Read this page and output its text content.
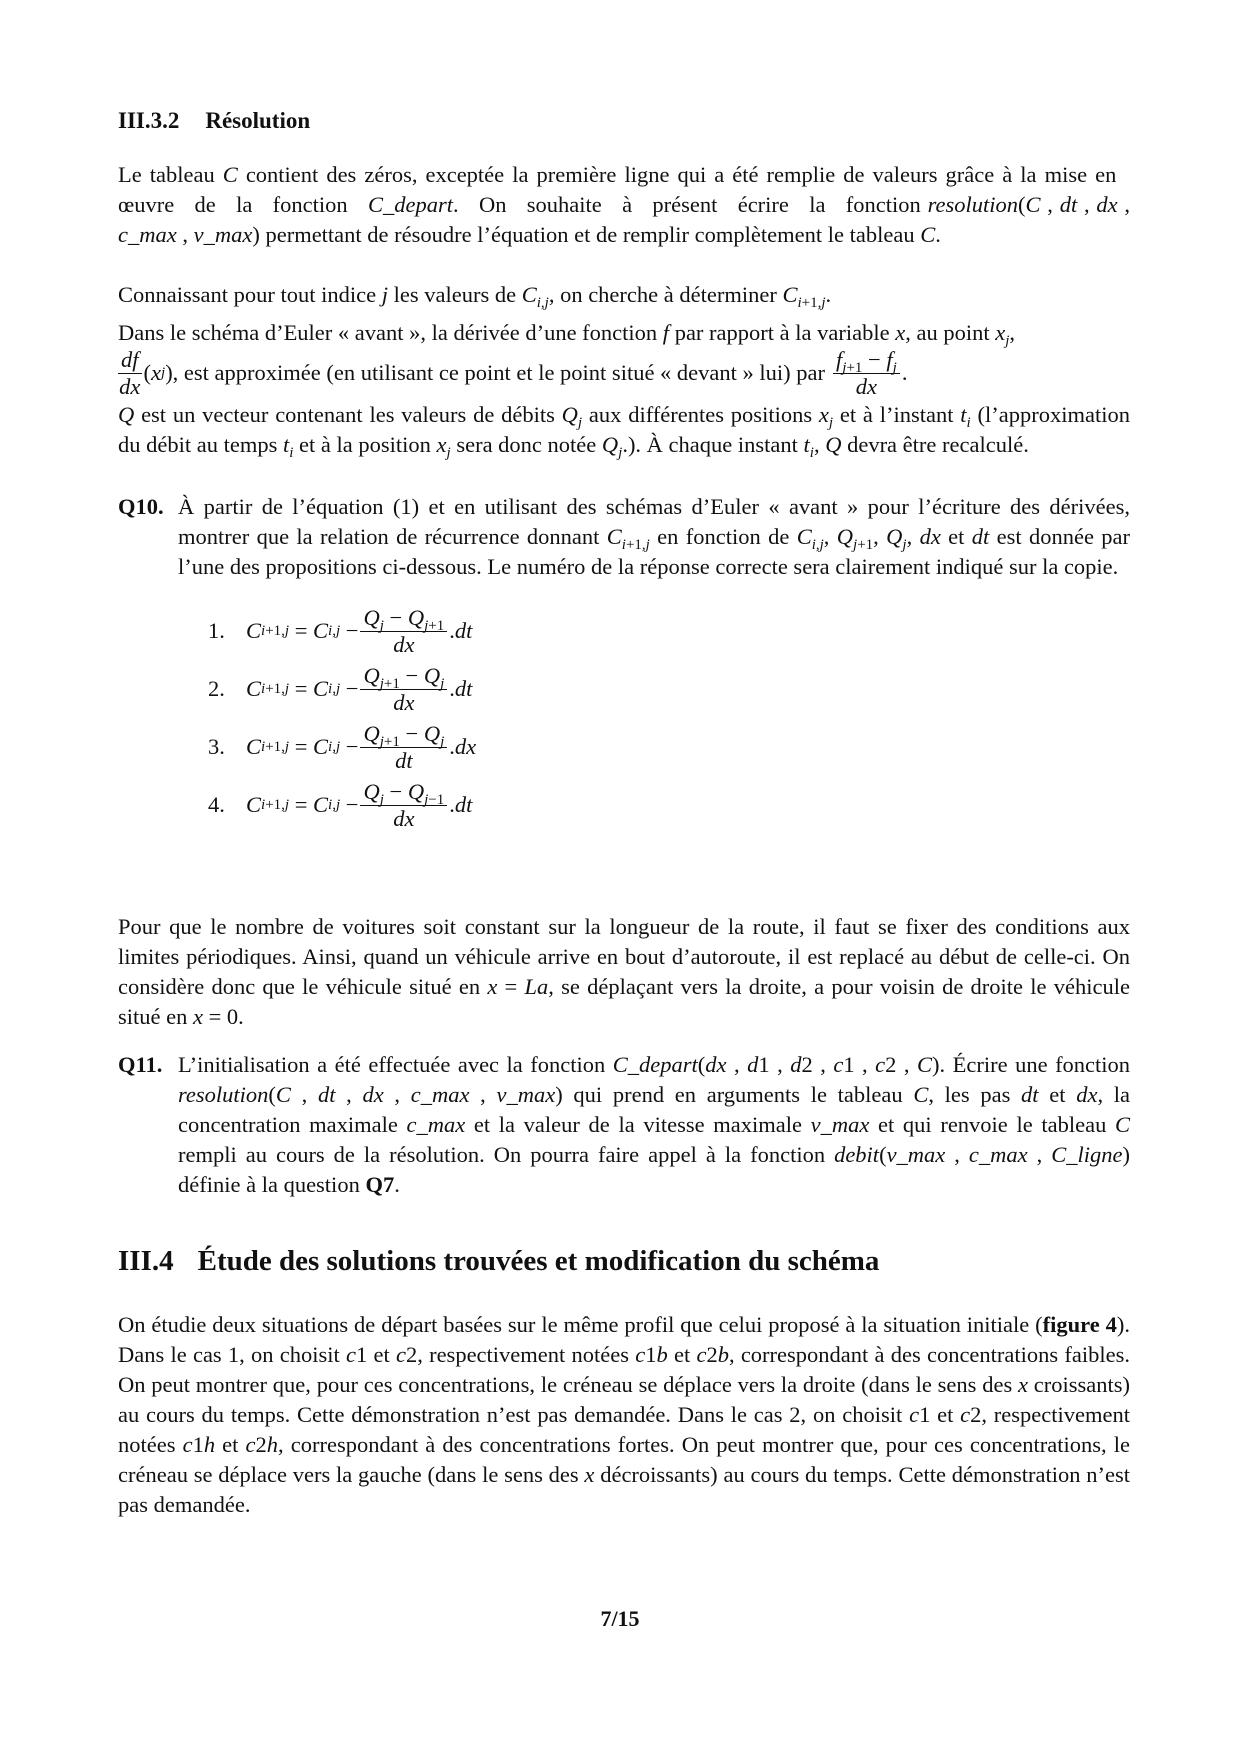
III.3.2 Résolution

Le tableau C contient des zéros, exceptée la première ligne qui a été remplie de valeurs grâce à la mise en   œuvre   de   la   fonction   C_depart.   On   souhaite   à   présent   écrire   la   fonction resolution(C , dt , dx , c_max , v_max) permettant de résoudre l’équation et de remplir complètement le tableau C.

Connaissant pour tout indice j les valeurs de $C_{i,j}$, on cherche à déterminer $C_{i+1,j}$.

Dans le schéma d’Euler « avant », la dérivée d’une fonction f par rapport à la variable x, au point $x_j$,

$\frac{df}{dx}$ ( x j ), est approximée (en utilisant ce point et le point situé « devant » lui) par $\frac{f_{j+1} - f_j}{dx}$ .

Q est un vecteur contenant les valeurs de débits $Q_j$ aux différentes positions $x_j$ et à l’instant $t_i$ (l’approximation du débit au temps $t_i$ et à la position $x_j$ sera donc notée $Q_j$.). À chaque instant $t_i$, Q devra être recalculé.

Q10. À partir de l’équation (1) et en utilisant des schémas d’Euler « avant » pour l’écriture des dérivées, montrer que la relation de récurrence donnant $C_{i+1,j}$ en fonction de $C_{i,j}$, $Q_{j+1}$, $Q_j$, dx et dt est donnée par l’une des propositions ci-dessous. Le numéro de la réponse correcte sera clairement indiqué sur la copie.

1. C i+1,j = C $i,j - \frac{Q_j - Q_{j+1}}{dx}$ . dt
2. C i+1,j = C $i,j - \frac{Q_{j+1} - Q_j}{dx}$ . dt
3. C i+1,j = C $i,j - \frac{Q_{j+1} - Q_j}{dt}$ . dx
4. C i+1,j = C $i,j - \frac{Q_j - Q_{j-1}}{dx}$ . dt

Pour que le nombre de voitures soit constant sur la longueur de la route, il faut se fixer des conditions aux limites périodiques. Ainsi, quand un véhicule arrive en bout d’autoroute, il est replacé au début de celle-ci. On considère donc que le véhicule situé en x = La, se déplaçant vers la droite, a pour voisin de droite le véhicule situé en x = 0.

Q11. L’initialisation a été effectuée avec la fonction C_depart(dx , d1 , d2 , c1 , c2 , C). Écrire une fonction resolution(C , dt , dx , c_max , v_max) qui prend en arguments le tableau C, les pas dt et dx, la concentration maximale c_max et la valeur de la vitesse maximale v_max et qui renvoie le tableau C rempli au cours de la résolution. On pourra faire appel à la fonction debit(v_max , c_max , C_ligne) définie à la question Q7.

III.4 Étude des solutions trouvées et modification du schéma

On étudie deux situations de départ basées sur le même profil que celui proposé à la situation initiale (figure 4). Dans le cas 1, on choisit c1 et c2, respectivement notées c1b et c2b, correspondant à des concentrations faibles. On peut montrer que, pour ces concentrations, le créneau se déplace vers la droite (dans le sens des x croissants) au cours du temps. Cette démonstration n’est pas demandée. Dans le cas 2, on choisit c1 et c2, respectivement notées c1h et c2h, correspondant à des concentrations fortes. On peut montrer que, pour ces concentrations, le créneau se déplace vers la gauche (dans le sens des x décroissants) au cours du temps. Cette démonstration n’est pas demandée.

7/15
